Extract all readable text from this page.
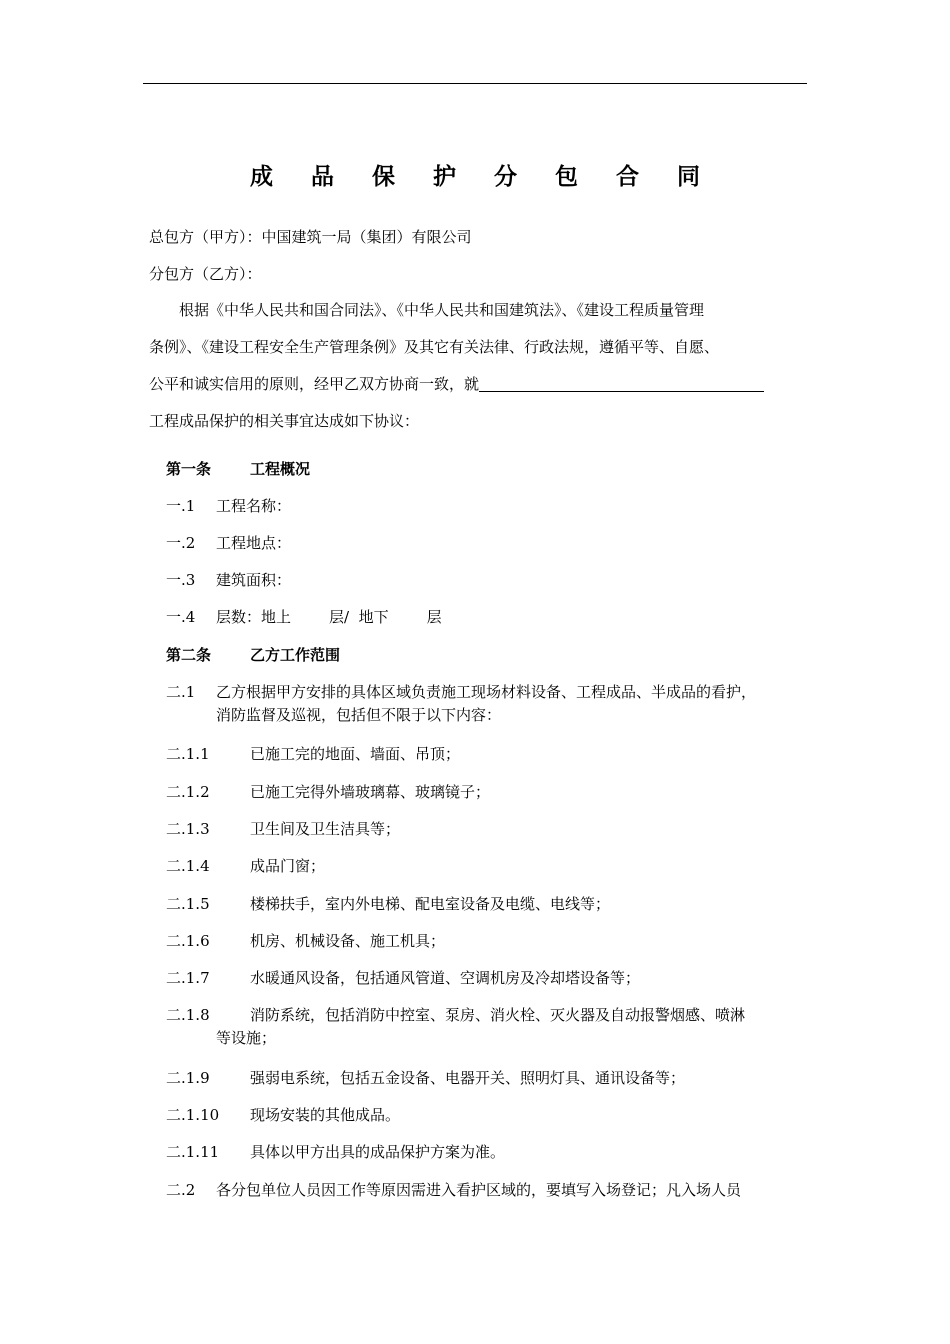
成 品 保 护 分 包 合 同
总包方（甲方）：中国建筑一局（集团）有限公司
分包方（乙方）：
根据《中华人民共和国合同法》、《中华人民共和国建筑法》、《建设工程质量管理
条例》、《建设工程安全生产管理条例》及其它有关法律、行政法规，遵循平等、自愿、
公平和诚实信用的原则，经甲乙双方协商一致，就
工程成品保护的相关事宜达成如下协议：
第一条	工程概况
一.1 工程名称：
一.2 工程地点：
一.3 建筑面积：
一.4 层数：地上	层/ 地下	层
第二条	乙方工作范围
二.1 乙方根据甲方安排的具体区域负责施工现场材料设备、工程成品、半成品的看护，
消防监督及巡视，包括但不限于以下内容：
二.1.1	已施工完的地面、墙面、吊顶；
二.1.2	已施工完得外墙玻璃幕、玻璃镜子；
二.1.3	卫生间及卫生洁具等；
二.1.4	成品门窗；
二.1.5	楼梯扶手，室内外电梯、配电室设备及电缆、电线等；
二.1.6	机房、机械设备、施工机具；
二.1.7	水暖通风设备，包括通风管道、空调机房及冷却塔设备等；
二.1.8	消防系统，包括消防中控室、泵房、消火栓、灭火器及自动报警烟感、喷淋
等设施；
二.1.9	强弱电系统，包括五金设备、电器开关、照明灯具、通讯设备等；
二.1.10 现场安装的其他成品。
二.1.11 具体以甲方出具的成品保护方案为准。
二.2 各分包单位人员因工作等原因需进入看护区域的，要填写入场登记；凡入场人员
